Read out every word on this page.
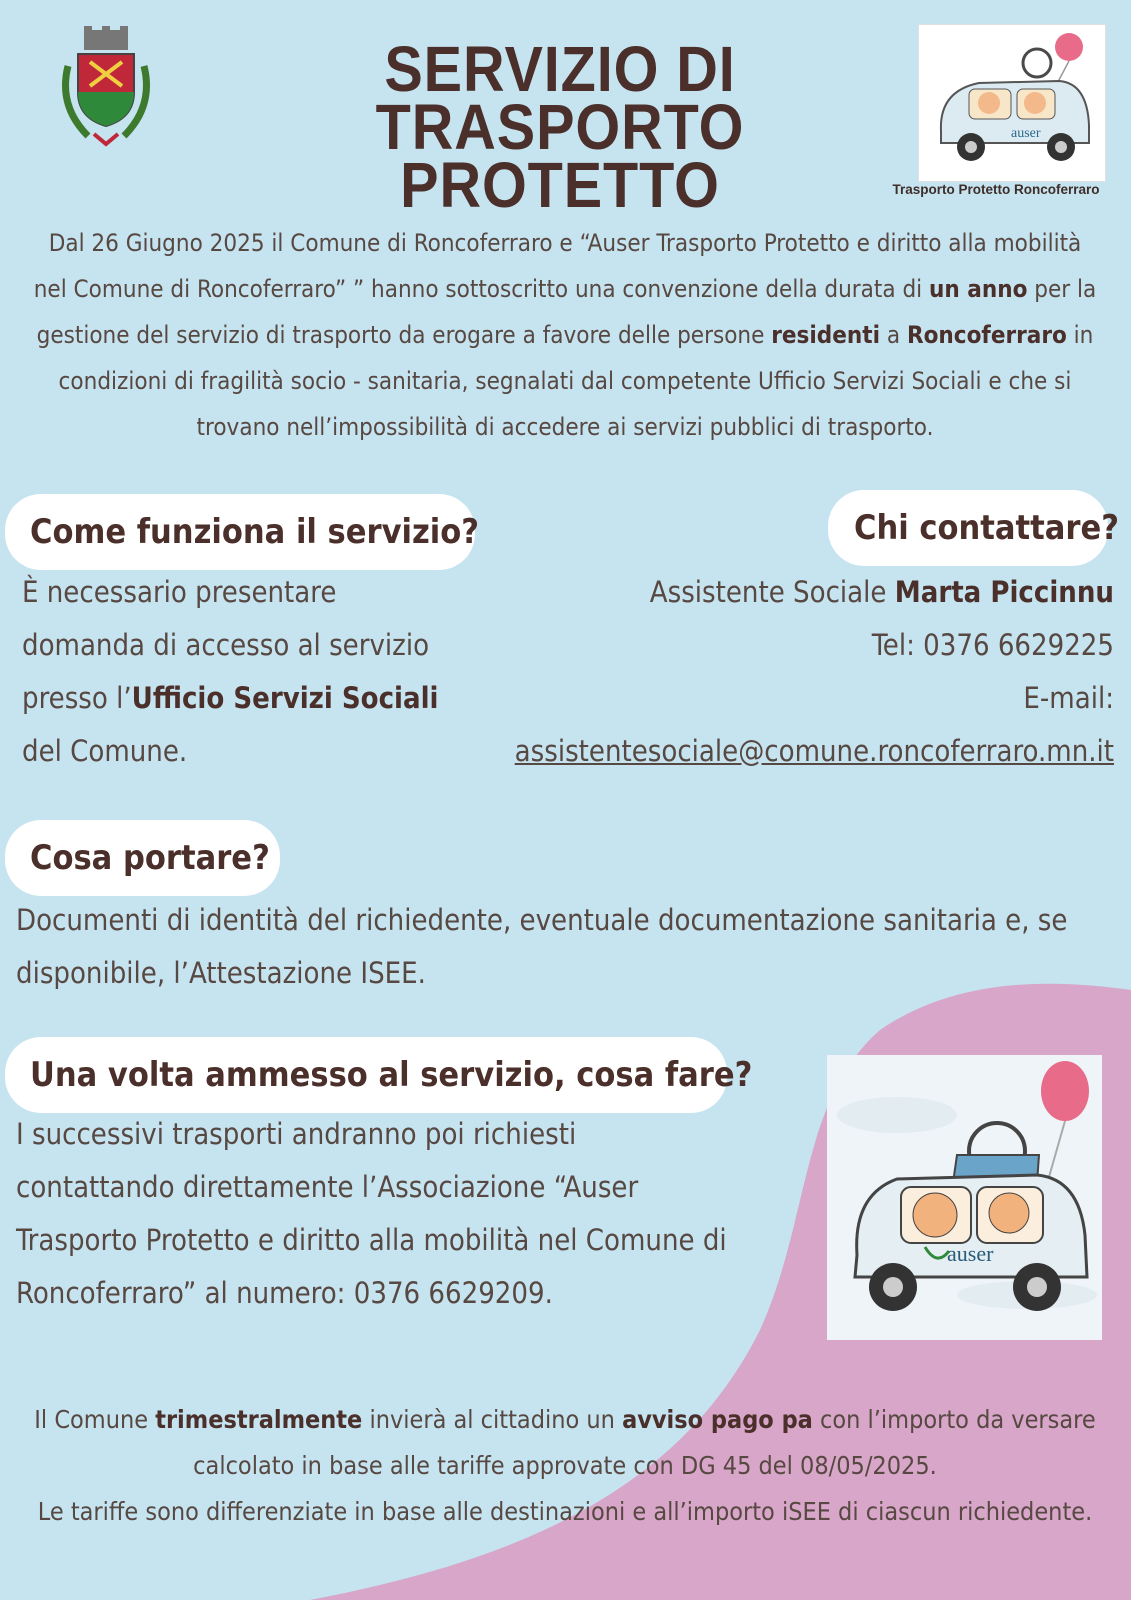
SERVIZIO DI TRASPORTO
PROTETTO
auser
Trasporto Protetto Roncoferraro

Dal 26 Giugno 2025 il Comune di Roncoferraro e “Auser Trasporto Protetto e diritto alla mobilità nel Comune di Roncoferraro” ” hanno sottoscritto una convenzione della durata di un anno per la gestione del servizio di trasporto da erogare a favore delle persone residenti a Roncoferraro in condizioni di fragilità socio - sanitaria, segnalati dal competente Ufficio Servizi Sociali e che si trovano nell’impossibilità di accedere ai servizi pubblici di trasporto.

Come funziona il servizio?
È necessario presentare
domanda di accesso al servizio
presso l’Ufficio Servizi Sociali
del Comune.
Chi contattare?
Assistente Sociale Marta Piccinnu
Tel: 0376 6629225
E-mail:
assistentesociale@comune.roncoferraro.mn.it
Cosa portare?
Documenti di identità del richiedente, eventuale documentazione sanitaria e, se disponibile, l’Attestazione ISEE.
Una volta ammesso al servizio, cosa fare?
I successivi trasporti andranno poi richiesti
contattando direttamente l’Associazione “Auser
Trasporto Protetto e diritto alla mobilità nel Comune di
Roncoferraro” al numero: 0376 6629209.
auser

Il Comune trimestralmente invierà al cittadino un avviso pago pa con l’importo da versare calcolato in base alle tariffe approvate con DG 45 del 08/05/2025.

Le tariffe sono differenziate in base alle destinazioni e all’importo iSEE di ciascun richiedente.
